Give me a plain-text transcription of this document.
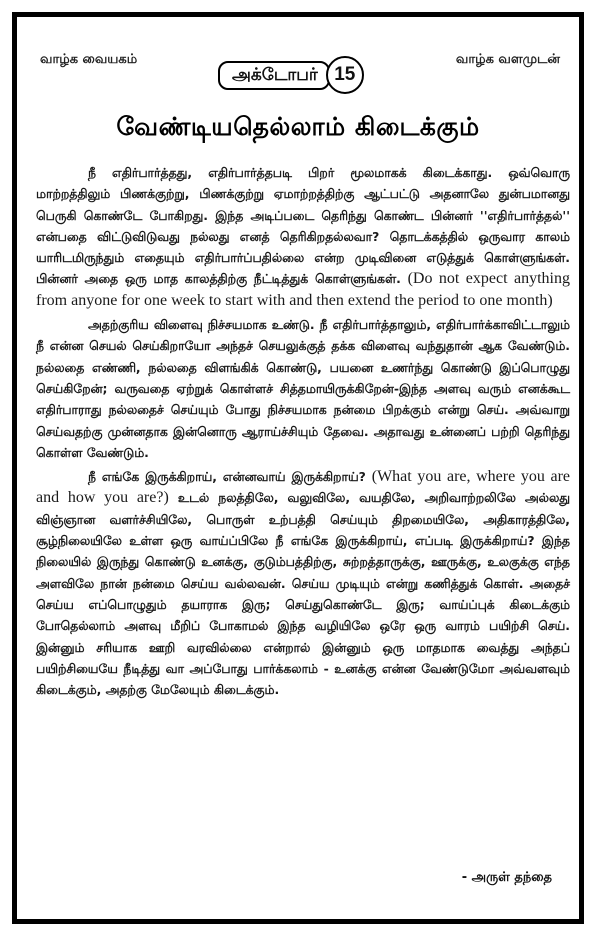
வாழ்க வையகம்	வாழ்க வளமுடன்
அக்டோபர் 15
வேண்டியதெல்லாம் கிடைக்கும்

நீ எதிர்பார்த்தது, எதிர்பார்த்தபடி பிறர் மூலமாகக் கிடைக்காது. ஒவ்வொரு மாற்றத்திலும் பிணக்குற்று, பிணக்குற்று ஏமாற்றத்திற்கு ஆட்பட்டு அதனாலே துன்பமானது பெருகி கொண்டே போகிறது. இந்த அடிப்படை தெரிந்து கொண்ட பின்னர் ''எதிர்பார்த்தல்'' என்பதை விட்டுவிடுவது நல்லது எனத் தெரிகிறதல்லவா? தொடக்கத்தில் ஒருவார காலம் யாரிடமிருந்தும் எதையும் எதிர்பார்ப்பதில்லை என்ற முடிவினை எடுத்துக் கொள்ளுங்கள். பின்னர் அதை ஒரு மாத காலத்திற்கு நீட்டித்துக் கொள்ளுங்கள். (Do not expect anything from anyone for one week to start with and then extend the period to one month)

அதற்குரிய விளைவு நிச்சயமாக உண்டு. நீ எதிர்பார்த்தாலும், எதிர்பார்க்காவிட்டாலும் நீ என்ன செயல் செய்கிறாயோ அந்தச் செயலுக்குத் தக்க விளைவு வந்துதான் ஆக வேண்டும். நல்லதை எண்ணி, நல்லதை விளங்கிக் கொண்டு, பயனை உணர்ந்து கொண்டு இப்பொழுது செய்கிறேன்; வருவதை ஏற்றுக் கொள்ளச் சித்தமாயிருக்கிறேன்-இந்த அளவு வரும் எனக்கூட எதிர்பாராது நல்லதைச் செய்யும் போது நிச்சயமாக நன்மை பிறக்கும் என்று செய். அவ்வாறு செய்வதற்கு முன்னதாக இன்னொரு ஆராய்ச்சியும் தேவை. அதாவது உன்னைப் பற்றி தெரிந்து கொள்ள வேண்டும்.

நீ எங்கே இருக்கிறாய், என்னவாய் இருக்கிறாய்? (What you are, where you are and how you are?) உடல் நலத்திலே, வலுவிலே, வயதிலே, அறிவாற்றலிலே அல்லது விஞ்ஞான வளர்ச்சியிலே, பொருள் உற்பத்தி செய்யும் திறமையிலே, அதிகாரத்திலே, சூழ்நிலையிலே உள்ள ஒரு வாய்ப்பிலே நீ எங்கே இருக்கிறாய், எப்படி இருக்கிறாய்? இந்த நிலையில் இருந்து கொண்டு உனக்கு, குடும்பத்திற்கு, சுற்றத்தாருக்கு, ஊருக்கு, உலகுக்கு எந்த அளவிலே நான் நன்மை செய்ய வல்லவன். செய்ய முடியும் என்று கணித்துக் கொள். அதைச் செய்ய எப்பொழுதும் தயாராக இரு; செய்துகொண்டே இரு; வாய்ப்புக் கிடைக்கும் போதெல்லாம் அளவு மீறிப் போகாமல் இந்த வழியிலே ஒரே ஒரு வாரம் பயிற்சி செய். இன்னும் சரியாக ஊறி வரவில்லை என்றால் இன்னும் ஒரு மாதமாக வைத்து அந்தப் பயிற்சியையே நீடித்து வா அப்போது பார்க்கலாம் - உனக்கு என்ன வேண்டுமோ அவ்வளவும் கிடைக்கும், அதற்கு மேலேயும் கிடைக்கும்.

- அருள் தந்தை
